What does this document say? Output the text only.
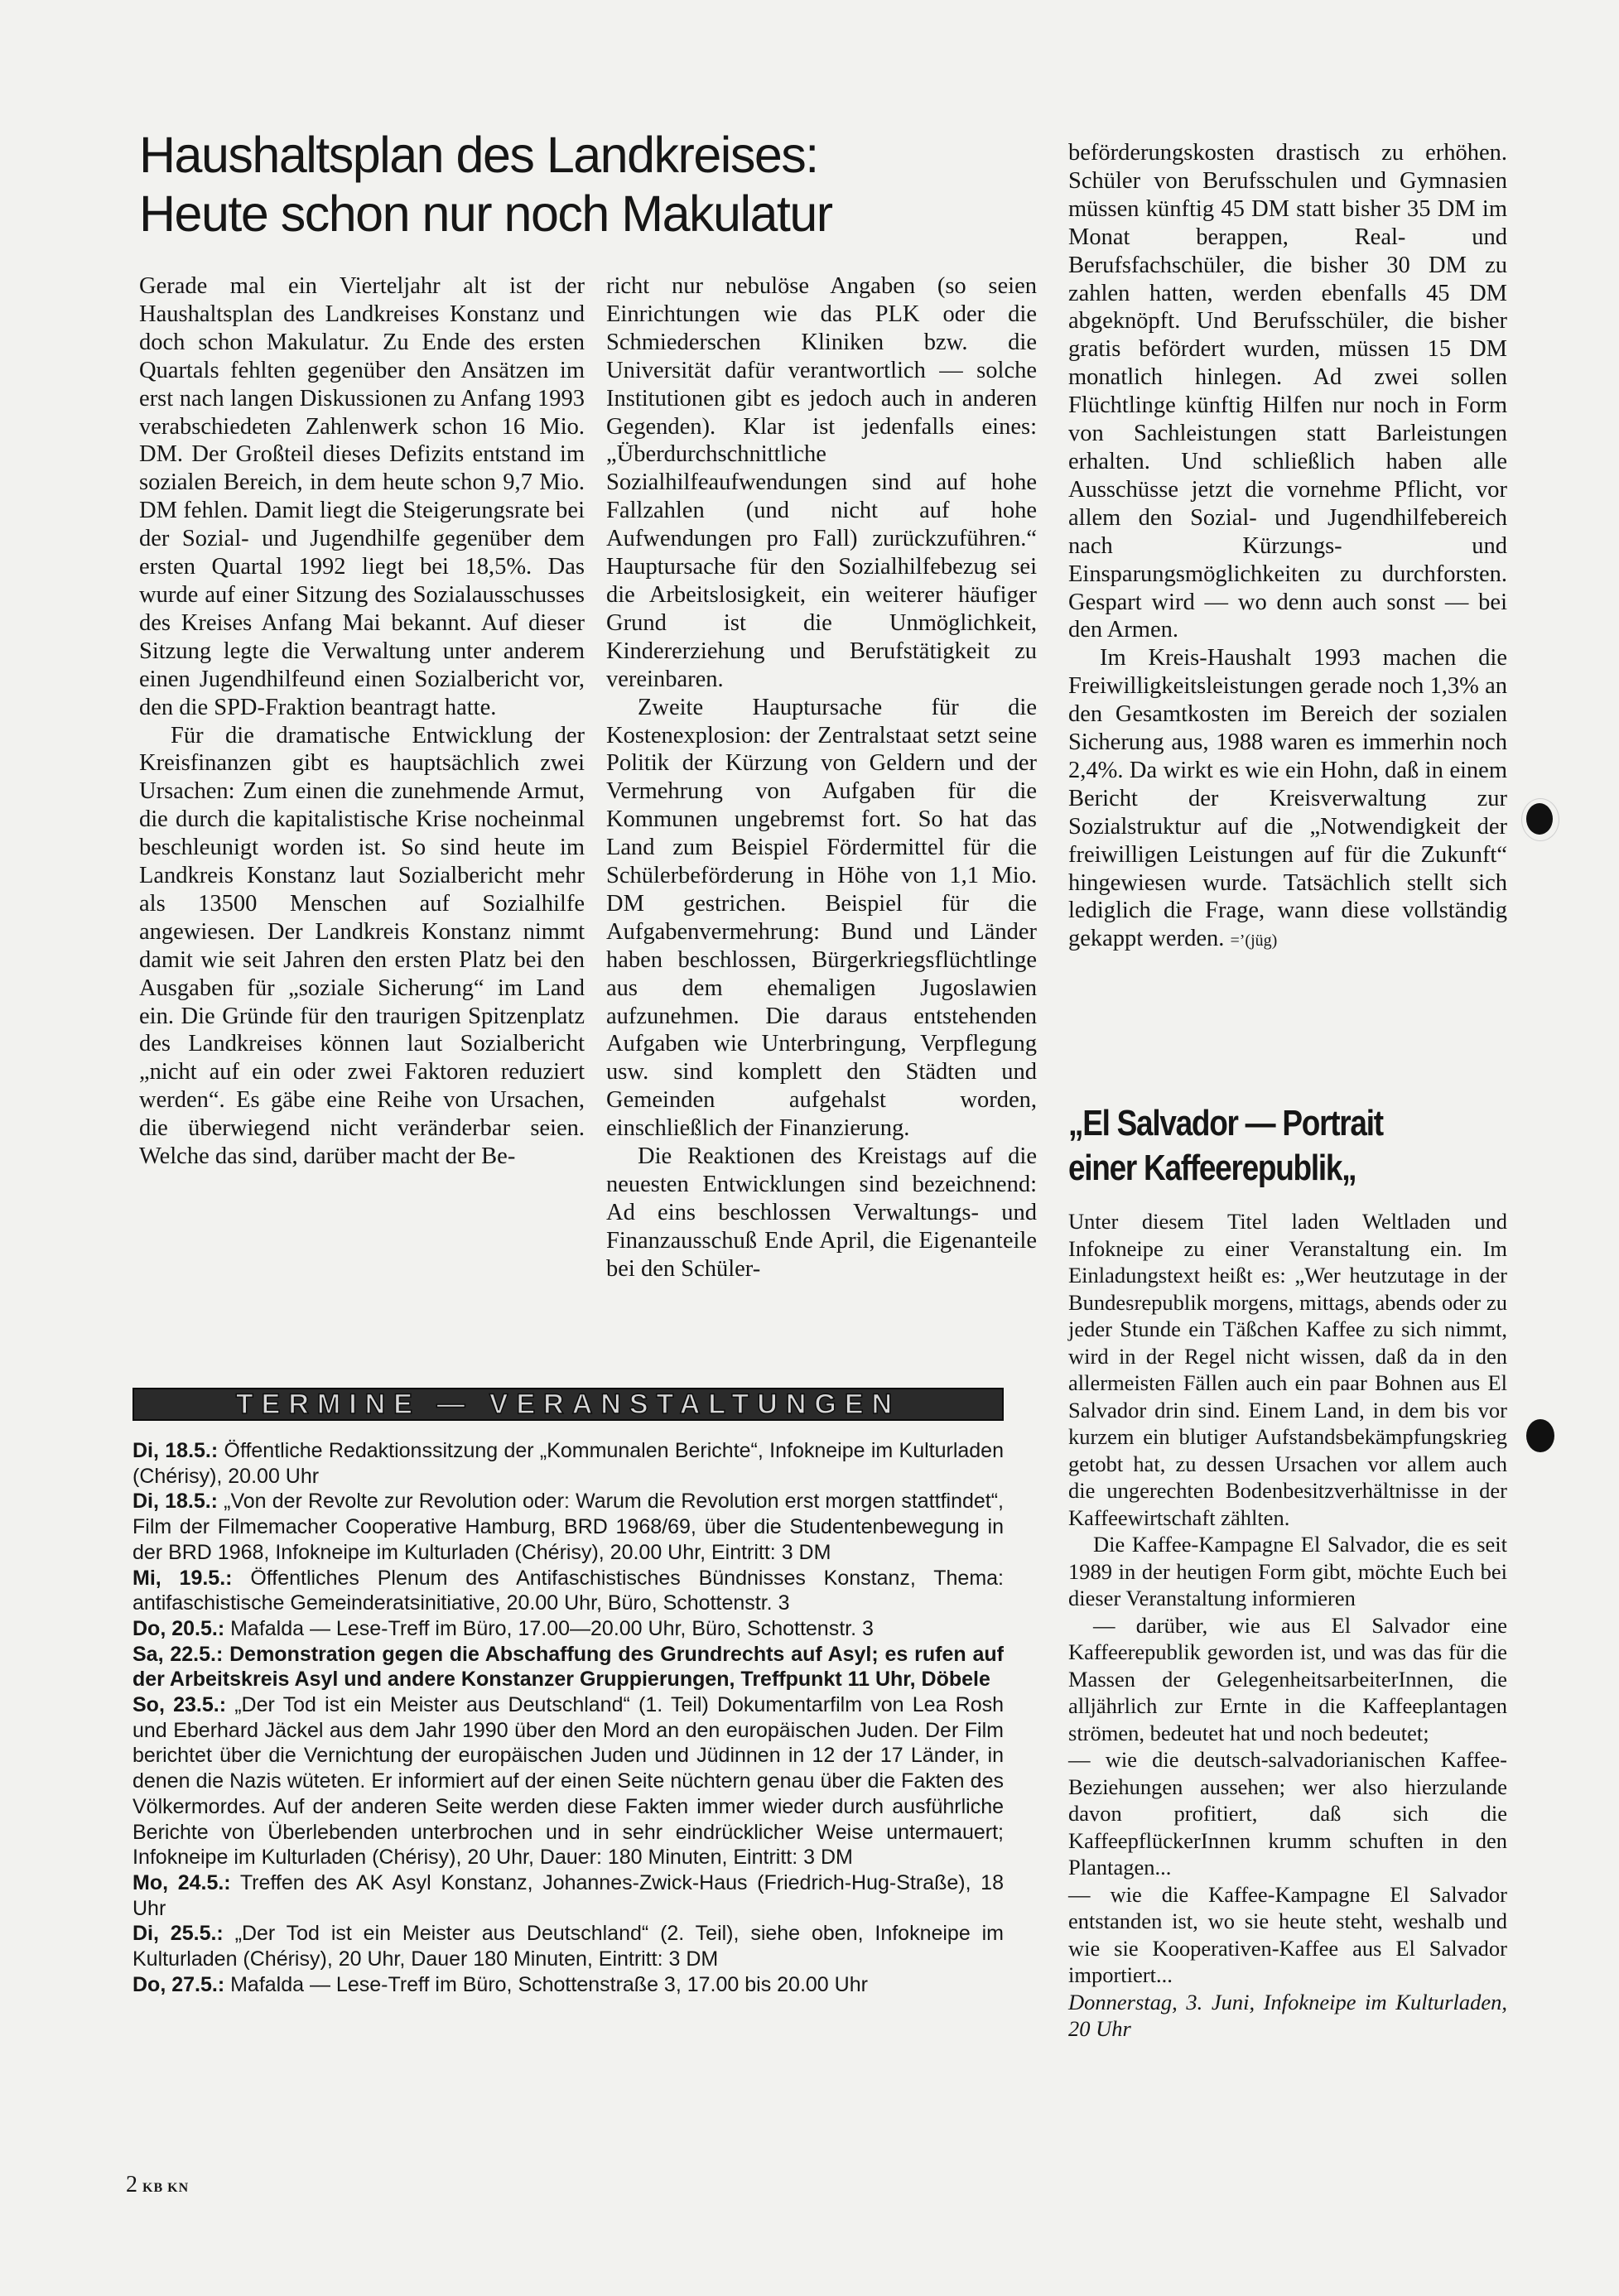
Haushaltsplan des Landkreises:
Heute schon nur noch Makulatur

Gerade mal ein Vierteljahr alt ist der Haushaltsplan des Landkreises Konstanz und doch schon Makulatur. Zu Ende des ersten Quartals fehlten gegenüber den Ansätzen im erst nach langen Diskussionen zu Anfang 1993 verabschiedeten Zahlenwerk schon 16 Mio. DM. Der Großteil dieses Defizits entstand im sozialen Bereich, in dem heute schon 9,7 Mio. DM fehlen. Damit liegt die Steigerungsrate bei der Sozial- und Jugendhilfe gegenüber dem ersten Quartal 1992 liegt bei 18,5%. Das wurde auf einer Sitzung des Sozialausschusses des Kreises Anfang Mai bekannt. Auf dieser Sitzung legte die Verwaltung unter anderem einen Jugendhilfeund einen Sozialbericht vor, den die SPD-Fraktion beantragt hatte.

Für die dramatische Entwicklung der Kreisfinanzen gibt es hauptsächlich zwei Ursachen: Zum einen die zunehmende Armut, die durch die kapitalistische Krise nocheinmal beschleunigt worden ist. So sind heute im Landkreis Konstanz laut Sozialbericht mehr als 13500 Menschen auf Sozialhilfe angewiesen. Der Landkreis Konstanz nimmt damit wie seit Jahren den ersten Platz bei den Ausgaben für „soziale Sicherung“ im Land ein. Die Gründe für den traurigen Spitzenplatz des Landkreises können laut Sozialbericht „nicht auf ein oder zwei Faktoren reduziert werden“. Es gäbe eine Reihe von Ursachen, die überwiegend nicht veränderbar seien. Welche das sind, darüber macht der Be-

richt nur nebulöse Angaben (so seien Einrichtungen wie das PLK oder die Schmiederschen Kliniken bzw. die Universität dafür verantwortlich — solche Institutionen gibt es jedoch auch in anderen Gegenden). Klar ist jedenfalls eines: „Überdurchschnittliche Sozialhilfeaufwendungen sind auf hohe Fallzahlen (und nicht auf hohe Aufwendungen pro Fall) zurückzuführen.“ Hauptursache für den Sozialhilfebezug sei die Arbeitslosigkeit, ein weiterer häufiger Grund ist die Unmöglichkeit, Kindererziehung und Berufstätigkeit zu vereinbaren.

Zweite Hauptursache für die Kostenexplosion: der Zentralstaat setzt seine Politik der Kürzung von Geldern und der Vermehrung von Aufgaben für die Kommunen ungebremst fort. So hat das Land zum Beispiel Fördermittel für die Schülerbeförderung in Höhe von 1,1 Mio. DM gestrichen. Beispiel für die Aufgabenvermehrung: Bund und Länder haben beschlossen, Bürgerkriegsflüchtlinge aus dem ehemaligen Jugoslawien aufzunehmen. Die daraus entstehenden Aufgaben wie Unterbringung, Verpflegung usw. sind komplett den Städten und Gemeinden aufgehalst worden, einschließlich der Finanzierung.

Die Reaktionen des Kreistags auf die neuesten Entwicklungen sind bezeichnend: Ad eins beschlossen Verwaltungs- und Finanzausschuß Ende April, die Eigenanteile bei den Schüler-

beförderungskosten drastisch zu erhöhen. Schüler von Berufsschulen und Gymnasien müssen künftig 45 DM statt bisher 35 DM im Monat berappen, Real- und Berufsfachschüler, die bisher 30 DM zu zahlen hatten, werden ebenfalls 45 DM abgeknöpft. Und Berufsschüler, die bisher gratis befördert wurden, müssen 15 DM monatlich hinlegen. Ad zwei sollen Flüchtlinge künftig Hilfen nur noch in Form von Sachleistungen statt Barleistungen erhalten. Und schließlich haben alle Ausschüsse jetzt die vornehme Pflicht, vor allem den Sozial- und Jugendhilfebereich nach Kürzungs- und Einsparungsmöglichkeiten zu durchforsten. Gespart wird — wo denn auch sonst — bei den Armen.

Im Kreis-Haushalt 1993 machen die Freiwilligkeitsleistungen gerade noch 1,3% an den Gesamtkosten im Bereich der sozialen Sicherung aus, 1988 waren es immerhin noch 2,4%. Da wirkt es wie ein Hohn, daß in einem Bericht der Kreisverwaltung zur Sozialstruktur auf die „Notwendigkeit der freiwilligen Leistungen auf für die Zukunft“ hingewiesen wurde. Tatsächlich stellt sich lediglich die Frage, wann diese vollständig gekappt werden. =’(jüg)

„El Salvador — Portrait einer Kaffeerepublik„

Unter diesem Titel laden Weltladen und Infokneipe zu einer Veranstaltung ein. Im Einladungstext heißt es: „Wer heutzutage in der Bundesrepublik morgens, mittags, abends oder zu jeder Stunde ein Täßchen Kaffee zu sich nimmt, wird in der Regel nicht wissen, daß da in den allermeisten Fällen auch ein paar Bohnen aus El Salvador drin sind. Einem Land, in dem bis vor kurzem ein blutiger Aufstandsbekämpfungskrieg getobt hat, zu dessen Ursachen vor allem auch die ungerechten Bodenbesitzverhältnisse in der Kaffeewirtschaft zählten.

Die Kaffee-Kampagne El Salvador, die es seit 1989 in der heutigen Form gibt, möchte Euch bei dieser Veranstaltung informieren

— darüber, wie aus El Salvador eine Kaffeerepublik geworden ist, und was das für die Massen der GelegenheitsarbeiterInnen, die alljährlich zur Ernte in die Kaffeeplantagen strömen, bedeutet hat und noch bedeutet;

— wie die deutsch-salvadorianischen Kaffee-Beziehungen aussehen; wer also hierzulande davon profitiert, daß sich die KaffeepflückerInnen krumm schuften in den Plantagen...

— wie die Kaffee-Kampagne El Salvador entstanden ist, wo sie heute steht, weshalb und wie sie Kooperativen-Kaffee aus El Salvador importiert...

Donnerstag, 3. Juni, Infokneipe im Kulturladen, 20 Uhr

TERMINE — VERANSTALTUNGEN

Di, 18.5.: Öffentliche Redaktionssitzung der „Kommunalen Berichte“, Infokneipe im Kulturladen (Chérisy), 20.00 Uhr

Di, 18.5.: „Von der Revolte zur Revolution oder: Warum die Revolution erst morgen stattfindet“, Film der Filmemacher Cooperative Hamburg, BRD 1968/69, über die Studentenbewegung in der BRD 1968, Infokneipe im Kulturladen (Chérisy), 20.00 Uhr, Eintritt: 3 DM

Mi, 19.5.: Öffentliches Plenum des Antifaschistisches Bündnisses Konstanz, Thema: antifaschistische Gemeinderatsinitiative, 20.00 Uhr, Büro, Schottenstr. 3

Do, 20.5.: Mafalda — Lese-Treff im Büro, 17.00—20.00 Uhr, Büro, Schottenstr. 3

Sa, 22.5.: Demonstration gegen die Abschaffung des Grundrechts auf Asyl; es rufen auf der Arbeitskreis Asyl und andere Konstanzer Gruppierungen, Treffpunkt 11 Uhr, Döbele

So, 23.5.: „Der Tod ist ein Meister aus Deutschland“ (1. Teil) Dokumentarfilm von Lea Rosh und Eberhard Jäckel aus dem Jahr 1990 über den Mord an den europäischen Juden. Der Film berichtet über die Vernichtung der europäischen Juden und Jüdinnen in 12 der 17 Länder, in denen die Nazis wüteten. Er informiert auf der einen Seite nüchtern genau über die Fakten des Völkermordes. Auf der anderen Seite werden diese Fakten immer wieder durch ausführliche Berichte von Überlebenden unterbrochen und in sehr eindrücklicher Weise untermauert; Infokneipe im Kulturladen (Chérisy), 20 Uhr, Dauer: 180 Minuten, Eintritt: 3 DM

Mo, 24.5.: Treffen des AK Asyl Konstanz, Johannes-Zwick-Haus (Friedrich-Hug-Straße), 18 Uhr

Di, 25.5.: „Der Tod ist ein Meister aus Deutschland“ (2. Teil), siehe oben, Infokneipe im Kulturladen (Chérisy), 20 Uhr, Dauer 180 Minuten, Eintritt: 3 DM

Do, 27.5.: Mafalda — Lese-Treff im Büro, Schottenstraße 3, 17.00 bis 20.00 Uhr

2 KB KN
